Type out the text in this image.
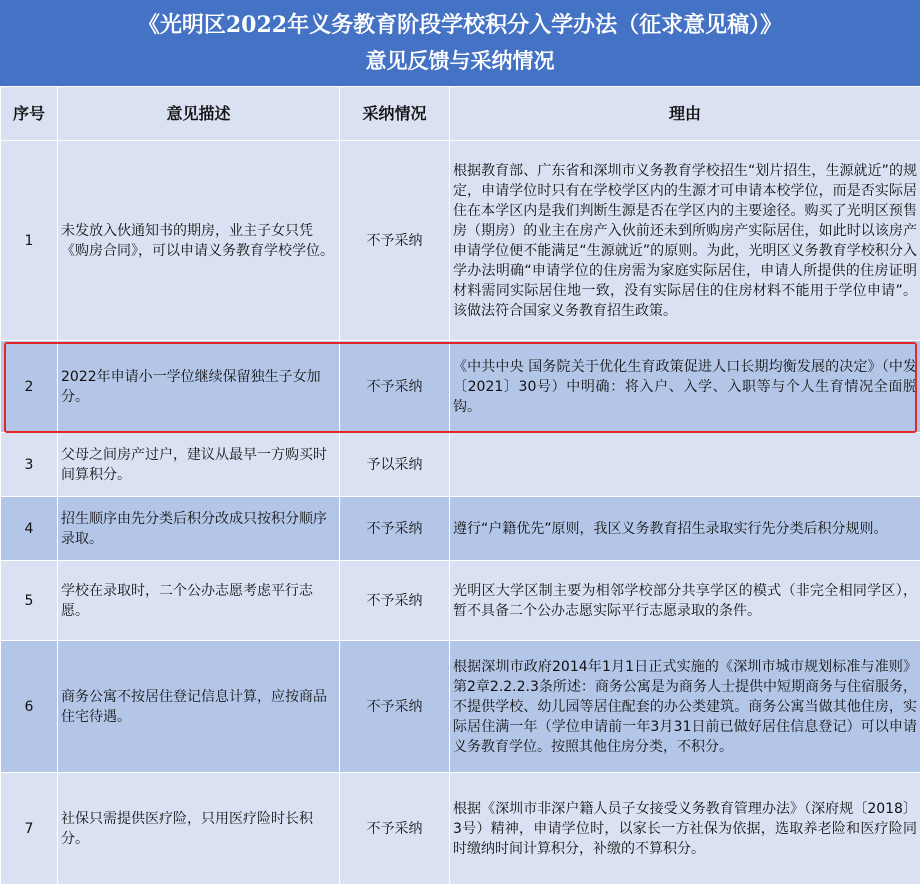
《光明区2022年义务教育阶段学校积分入学办法（征求意见稿）》
意见反馈与采纳情况
序号	意见描述	采纳情况	理由
1	未发放入伙通知书的期房，业主子女只凭《购房合同》，可以申请义务教育学校学位。	不予采纳	根据教育部、广东省和深圳市义务教育学校招生“划片招生，生源就近”的规定，申请学位时只有在学校学区内的生源才可申请本校学位，而是否实际居住在本学区内是我们判断生源是否在学区内的主要途径。购买了光明区预售房（期房）的业主在房产入伙前还未到所购房产实际居住，如此时以该房产申请学位便不能满足“生源就近”的原则。为此，光明区义务教育学校积分入学办法明确“申请学位的住房需为家庭实际居住，申请人所提供的住房证明材料需同实际居住地一致，没有实际居住的住房材料不能用于学位申请”。该做法符合国家义务教育招生政策。
2	2022年申请小一学位继续保留独生子女加分。	不予采纳	《中共中央 国务院关于优化生育政策促进人口长期均衡发展的决定》（中发〔2021〕30号）中明确：将入户、入学、入职等与个人生育情况全面脱钩。
3	父母之间房产过户，建议从最早一方购买时间算积分。	予以采纳	
4	招生顺序由先分类后积分改成只按积分顺序录取。	不予采纳	遵行“户籍优先”原则，我区义务教育招生录取实行先分类后积分规则。
5	学校在录取时，二个公办志愿考虑平行志愿。	不予采纳	光明区大学区制主要为相邻学校部分共享学区的模式（非完全相同学区），暂不具备二个公办志愿实际平行志愿录取的条件。
6	商务公寓不按居住登记信息计算，应按商品住宅待遇。	不予采纳	根据深圳市政府2014年1月1日正式实施的《深圳市城市规划标准与准则》第2章2.2.2.3条所述：商务公寓是为商务人士提供中短期商务与住宿服务，不提供学校、幼儿园等居住配套的办公类建筑。商务公寓当做其他住房，实际居住满一年（学位申请前一年3月31日前已做好居住信息登记）可以申请义务教育学位。按照其他住房分类，不积分。
7	社保只需提供医疗险，只用医疗险时长积分。	不予采纳	根据《深圳市非深户籍人员子女接受义务教育管理办法》（深府规〔2018〕3号）精神，申请学位时，以家长一方社保为依据，选取养老险和医疗险同时缴纳时间计算积分，补缴的不算积分。
